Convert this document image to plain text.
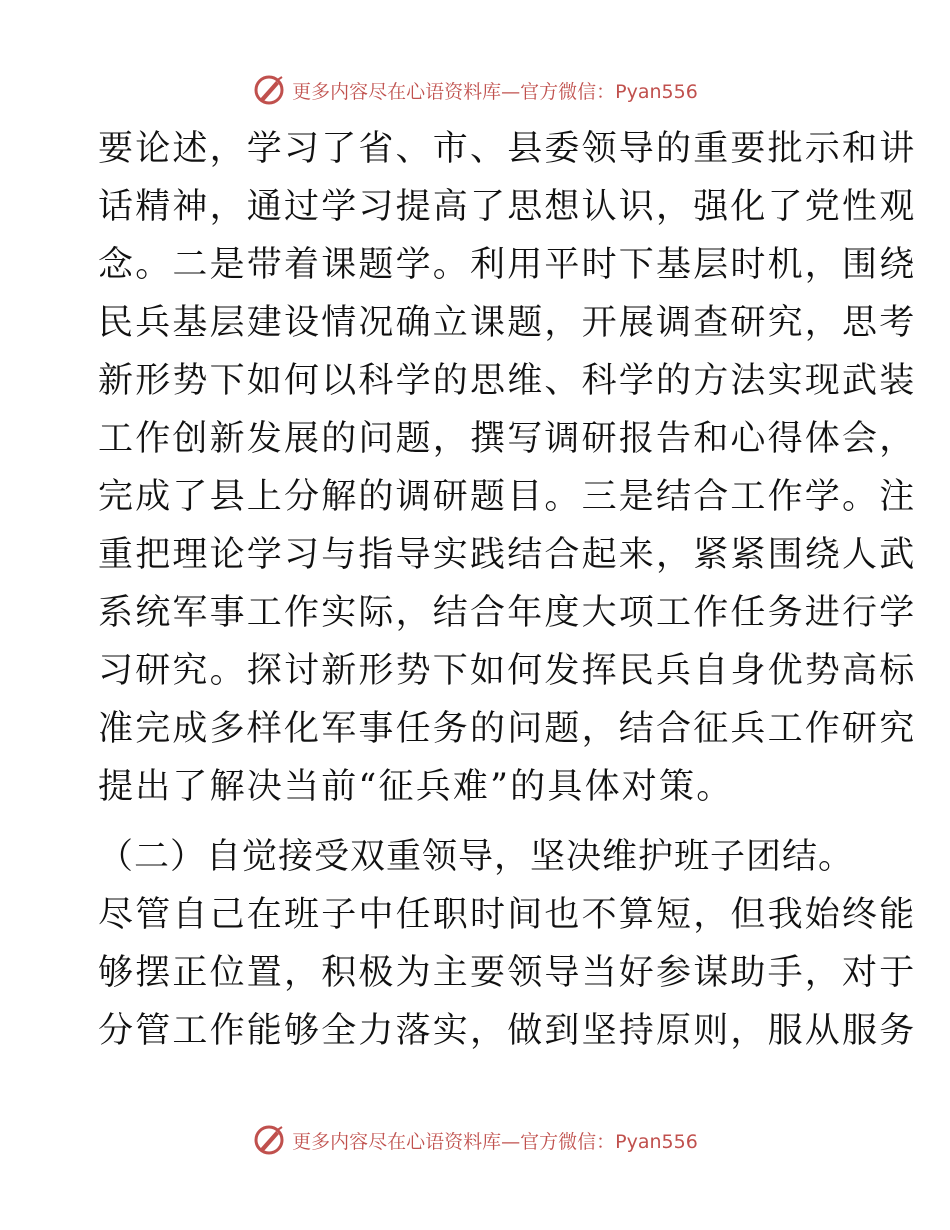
更多内容尽在心语资料库—官方微信：Pyan556
要论述，学习了省、市、县委领导的重要批示和讲
话精神，通过学习提高了思想认识，强化了党性观
念。二是带着课题学。利用平时下基层时机，围绕
民兵基层建设情况确立课题，开展调查研究，思考
新形势下如何以科学的思维、科学的方法实现武装
工作创新发展的问题，撰写调研报告和心得体会，
完成了县上分解的调研题目。三是结合工作学。注
重把理论学习与指导实践结合起来，紧紧围绕人武
系统军事工作实际，结合年度大项工作任务进行学
习研究。探讨新形势下如何发挥民兵自身优势高标
准完成多样化军事任务的问题，结合征兵工作研究
提出了解决当前“征兵难”的具体对策。
（二）自觉接受双重领导，坚决维护班子团结。
尽管自己在班子中任职时间也不算短，但我始终能
够摆正位置，积极为主要领导当好参谋助手，对于
分管工作能够全力落实，做到坚持原则，服从服务
更多内容尽在心语资料库—官方微信：Pyan556
